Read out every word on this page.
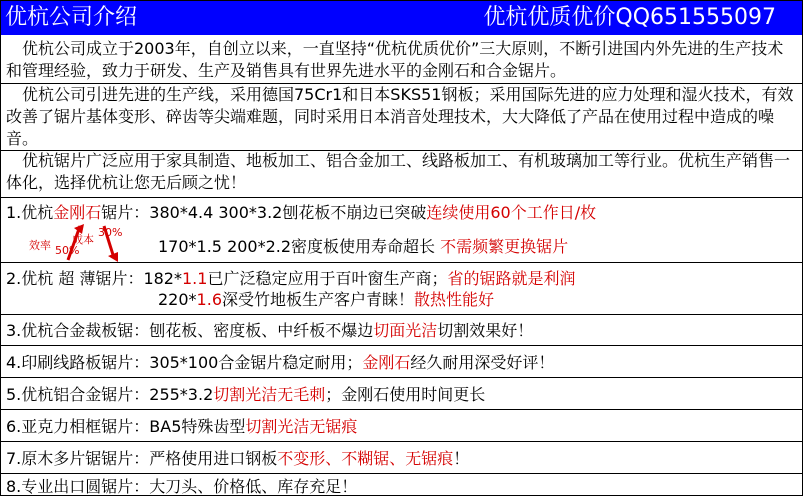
优杭公司介绍	优杭优质优价QQ651555097
　优杭公司成立于2003年，自创立以来，一直坚持“优杭优质优价”三大原则，不断引进国内外先进的生产技术和管理经验，致力于研发、生产及销售具有世界先进水平的金刚石和合金锯片。
　优杭公司引进先进的生产线，采用德国75Cr1和日本SKS51钢板；采用国际先进的应力处理和湿火技术，有效改善了锯片基体变形、碎齿等尖端难题，同时采用日本消音处理技术，大大降低了产品在使用过程中造成的噪音。
　优杭锯片广泛应用于家具制造、地板加工、铝合金加工、线路板加工、有机玻璃加工等行业。优杭生产销售一体化，选择优杭让您无后顾之忧！
1.优杭金刚石锯片：380*4.4 300*3.2刨花板不崩边已突破连续使用60个工作日/枚
效率 50%
成本
30%
170*1.5 200*2.2密度板使用寿命超长 不需频繁更换锯片
2.优杭 超 薄锯片：182*1.1已广泛稳定应用于百叶窗生产商；省的锯路就是利润
220*1.6深受竹地板生产客户青睐！散热性能好
3.优杭合金裁板锯：刨花板、密度板、中纤板不爆边切面光洁切割效果好！
4.印刷线路板锯片：305*100合金锯片稳定耐用；金刚石经久耐用深受好评！
5.优杭铝合金锯片：255*3.2切割光洁无毛刺；金刚石使用时间更长
6.亚克力相框锯片：BA5特殊齿型切割光洁无锯痕
7.原木多片锯锯片：严格使用进口钢板不变形、不糊锯、无锯痕！
8.专业出口圆锯片：大刀头、价格低、库存充足！
